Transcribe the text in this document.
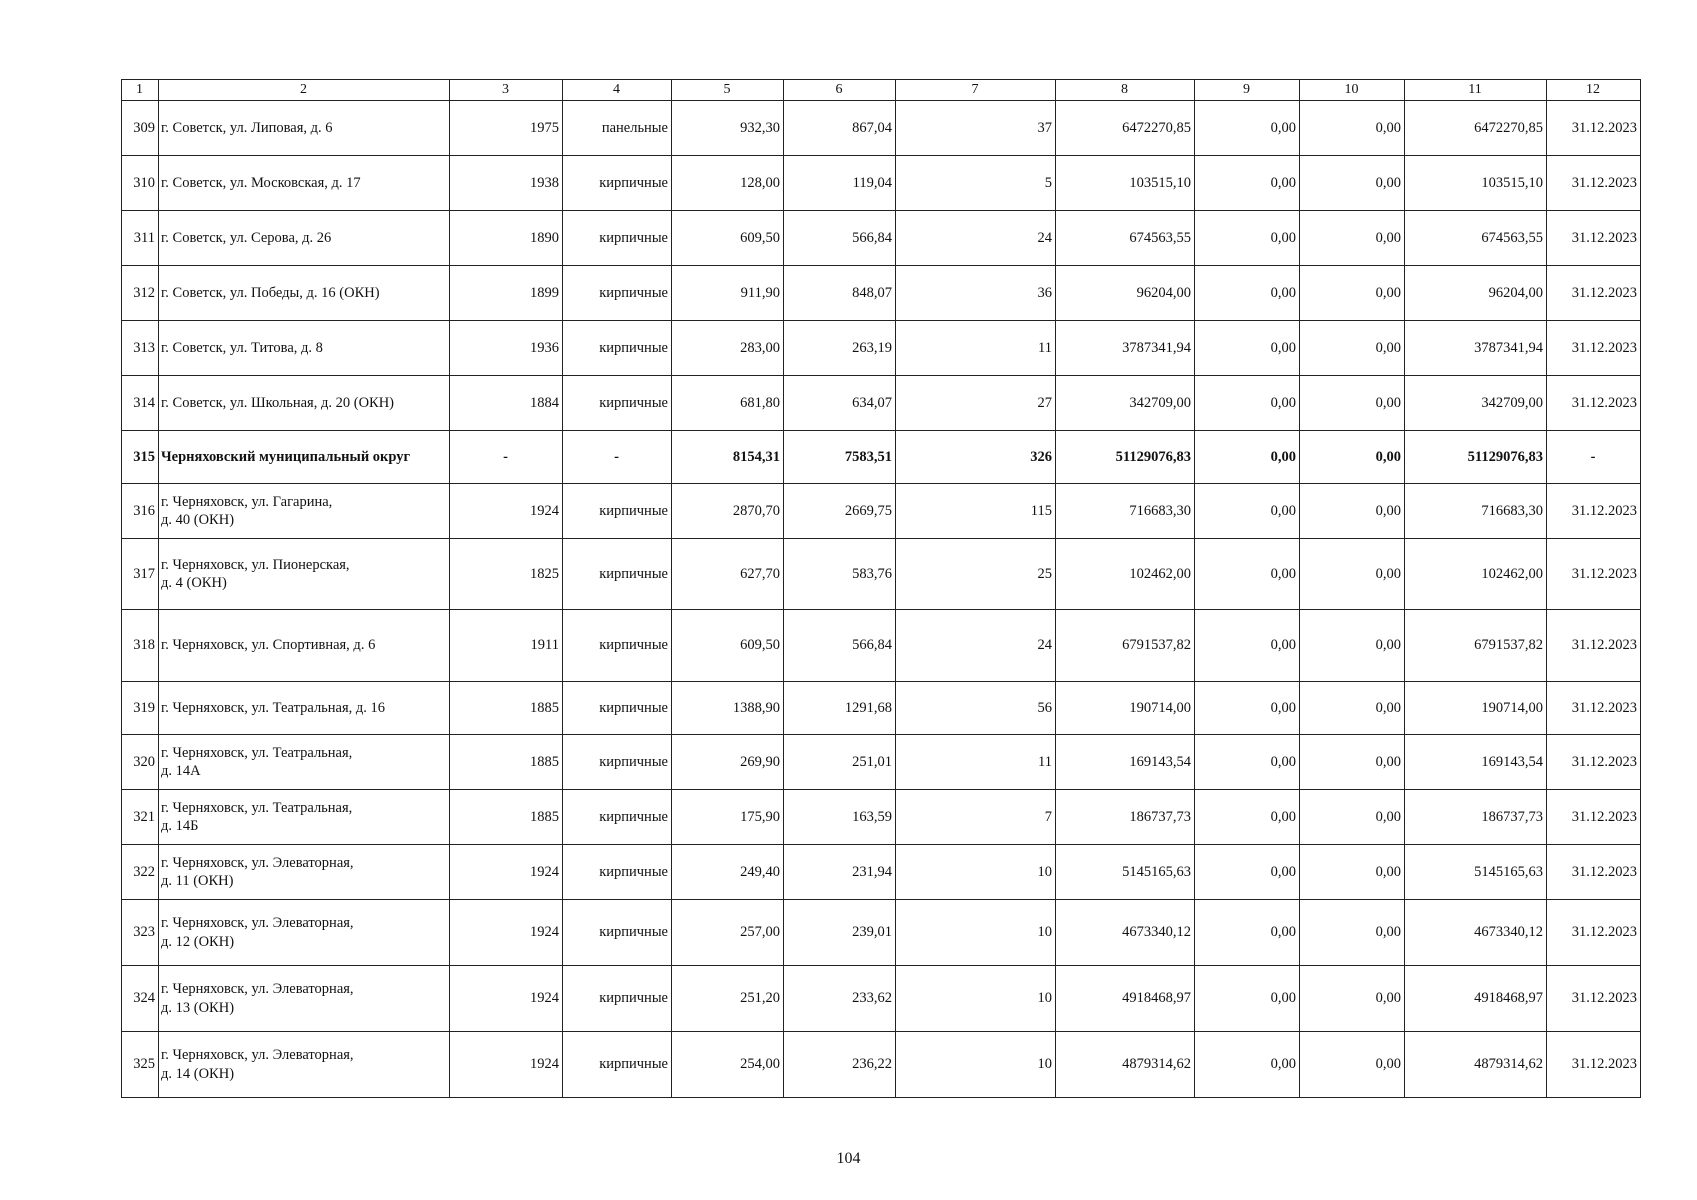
1	2	3	4	5	6	7	8	9	10	11	12
309	г. Советск, ул. Липовая, д. 6	1975	панельные	932,30	867,04	37	6472270,85	0,00	0,00	6472270,85	31.12.2023
310	г. Советск, ул. Московская, д. 17	1938	кирпичные	128,00	119,04	5	103515,10	0,00	0,00	103515,10	31.12.2023
311	г. Советск, ул. Серова, д. 26	1890	кирпичные	609,50	566,84	24	674563,55	0,00	0,00	674563,55	31.12.2023
312	г. Советск, ул. Победы, д. 16 (ОКН)	1899	кирпичные	911,90	848,07	36	96204,00	0,00	0,00	96204,00	31.12.2023
313	г. Советск, ул. Титова, д. 8	1936	кирпичные	283,00	263,19	11	3787341,94	0,00	0,00	3787341,94	31.12.2023
314	г. Советск, ул. Школьная, д. 20 (ОКН)	1884	кирпичные	681,80	634,07	27	342709,00	0,00	0,00	342709,00	31.12.2023
315	Черняховский муниципальный округ	-	-	8154,31	7583,51	326	51129076,83	0,00	0,00	51129076,83	-
316	г. Черняховск, ул. Гагарина,
д. 40 (ОКН)	1924	кирпичные	2870,70	2669,75	115	716683,30	0,00	0,00	716683,30	31.12.2023
317	г. Черняховск, ул. Пионерская,
д. 4 (ОКН)	1825	кирпичные	627,70	583,76	25	102462,00	0,00	0,00	102462,00	31.12.2023
318	г. Черняховск, ул. Спортивная, д. 6	1911	кирпичные	609,50	566,84	24	6791537,82	0,00	0,00	6791537,82	31.12.2023
319	г. Черняховск, ул. Театральная, д. 16	1885	кирпичные	1388,90	1291,68	56	190714,00	0,00	0,00	190714,00	31.12.2023
320	г. Черняховск, ул. Театральная,
д. 14А	1885	кирпичные	269,90	251,01	11	169143,54	0,00	0,00	169143,54	31.12.2023
321	г. Черняховск, ул. Театральная,
д. 14Б	1885	кирпичные	175,90	163,59	7	186737,73	0,00	0,00	186737,73	31.12.2023
322	г. Черняховск, ул. Элеваторная,
д. 11 (ОКН)	1924	кирпичные	249,40	231,94	10	5145165,63	0,00	0,00	5145165,63	31.12.2023
323	г. Черняховск, ул. Элеваторная,
д. 12 (ОКН)	1924	кирпичные	257,00	239,01	10	4673340,12	0,00	0,00	4673340,12	31.12.2023
324	г. Черняховск, ул. Элеваторная,
д. 13 (ОКН)	1924	кирпичные	251,20	233,62	10	4918468,97	0,00	0,00	4918468,97	31.12.2023
325	г. Черняховск, ул. Элеваторная,
д. 14 (ОКН)	1924	кирпичные	254,00	236,22	10	4879314,62	0,00	0,00	4879314,62	31.12.2023
104
